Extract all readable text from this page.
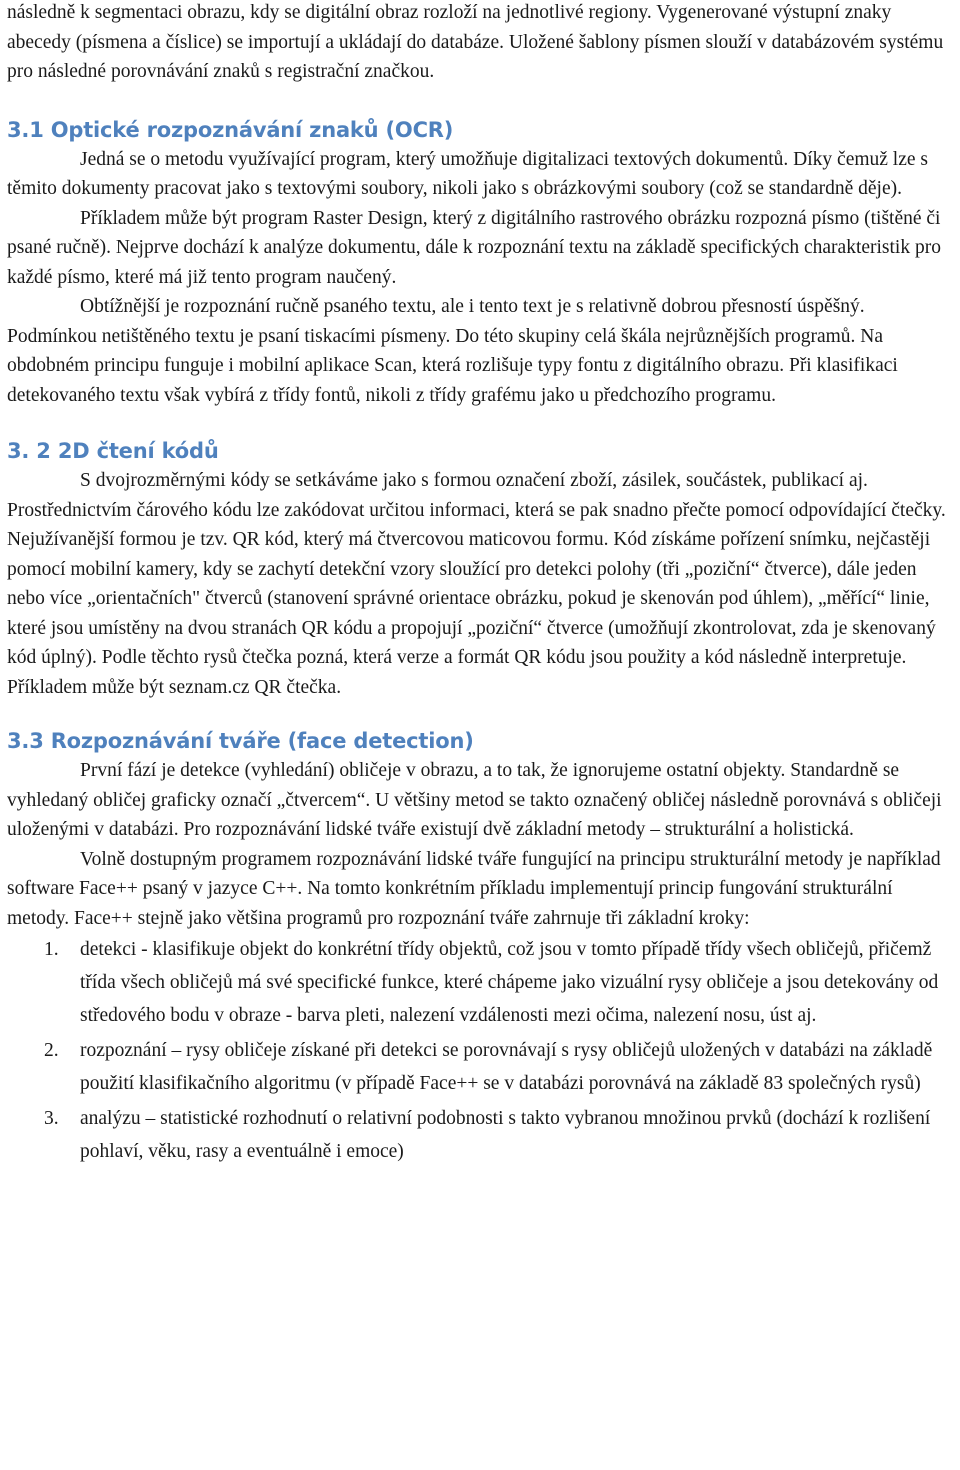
následně k segmentaci obrazu, kdy se digitální obraz rozloží na jednotlivé regiony. Vygenerované výstupní znaky abecedy (písmena a číslice) se importují a ukládají do databáze. Uložené šablony písmen slouží v databázovém systému pro následné porovnávání znaků s registrační značkou.

3.1 Optické rozpoznávání znaků (OCR)

Jedná se o metodu využívající program, který umožňuje digitalizaci textových dokumentů. Díky čemuž lze s těmito dokumenty pracovat jako s textovými soubory, nikoli jako s obrázkovými soubory (což se standardně děje).

Příkladem může být program Raster Design, který z digitálního rastrového obrázku rozpozná písmo (tištěné či psané ručně). Nejprve dochází k analýze dokumentu, dále k rozpoznání textu na základě specifických charakteristik pro každé písmo, které má již tento program naučený.

Obtížnější je rozpoznání ručně psaného textu, ale i tento text je s relativně dobrou přesností úspěšný. Podmínkou netištěného textu je psaní tiskacími písmeny. Do této skupiny celá škála nejrůznějších programů. Na obdobném principu funguje i mobilní aplikace Scan, která rozlišuje typy fontu z digitálního obrazu. Při klasifikaci detekovaného textu však vybírá z třídy fontů, nikoli z třídy grafému jako u předchozího programu.

3. 2 2D čtení kódů

S dvojrozměrnými kódy se setkáváme jako s formou označení zboží, zásilek, součástek, publikací aj. Prostřednictvím čárového kódu lze zakódovat určitou informaci, která se pak snadno přečte pomocí odpovídající čtečky. Nejužívanější formou je tzv. QR kód, který má čtvercovou maticovou formu. Kód získáme pořízení snímku, nejčastěji pomocí mobilní kamery, kdy se zachytí detekční vzory sloužící pro detekci polohy (tři „poziční“ čtverce), dále jeden nebo více „orientačních" čtverců (stanovení správné orientace obrázku, pokud je skenován pod úhlem), „měřící“ linie, které jsou umístěny na dvou stranách QR kódu a propojují „poziční“ čtverce (umožňují zkontrolovat, zda je skenovaný kód úplný). Podle těchto rysů čtečka pozná, která verze a formát QR kódu jsou použity a kód následně interpretuje. Příkladem může být seznam.cz QR čtečka.

3.3 Rozpoznávání tváře (face detection)

První fází je detekce (vyhledání) obličeje v obrazu, a to tak, že ignorujeme ostatní objekty. Standardně se vyhledaný obličej graficky označí „čtvercem“. U většiny metod se takto označený obličej následně porovnává s obličeji uloženými v databázi. Pro rozpoznávání lidské tváře existují dvě základní metody – strukturální a holistická.

Volně dostupným programem rozpoznávání lidské tváře fungující na principu strukturální metody je například software Face++ psaný v jazyce C++. Na tomto konkrétním příkladu implementují princip fungování strukturální metody. Face++ stejně jako většina programů pro rozpoznání tváře zahrnuje tři základní kroky:

1.	detekci - klasifikuje objekt do konkrétní třídy objektů, což jsou v tomto případě třídy všech obličejů, přičemž třída všech obličejů má své specifické funkce, které chápeme jako vizuální rysy obličeje a jsou detekovány od středového bodu v obraze - barva pleti, nalezení vzdálenosti mezi očima, nalezení nosu, úst aj.
2.	rozpoznání – rysy obličeje získané při detekci se porovnávají s rysy obličejů uložených v databázi na základě použití klasifikačního algoritmu (v případě Face++ se v databázi porovnává na základě 83 společných rysů)
3.	analýzu – statistické rozhodnutí o relativní podobnosti s takto vybranou množinou prvků (dochází k rozlišení pohlaví, věku, rasy a eventuálně i emoce)
